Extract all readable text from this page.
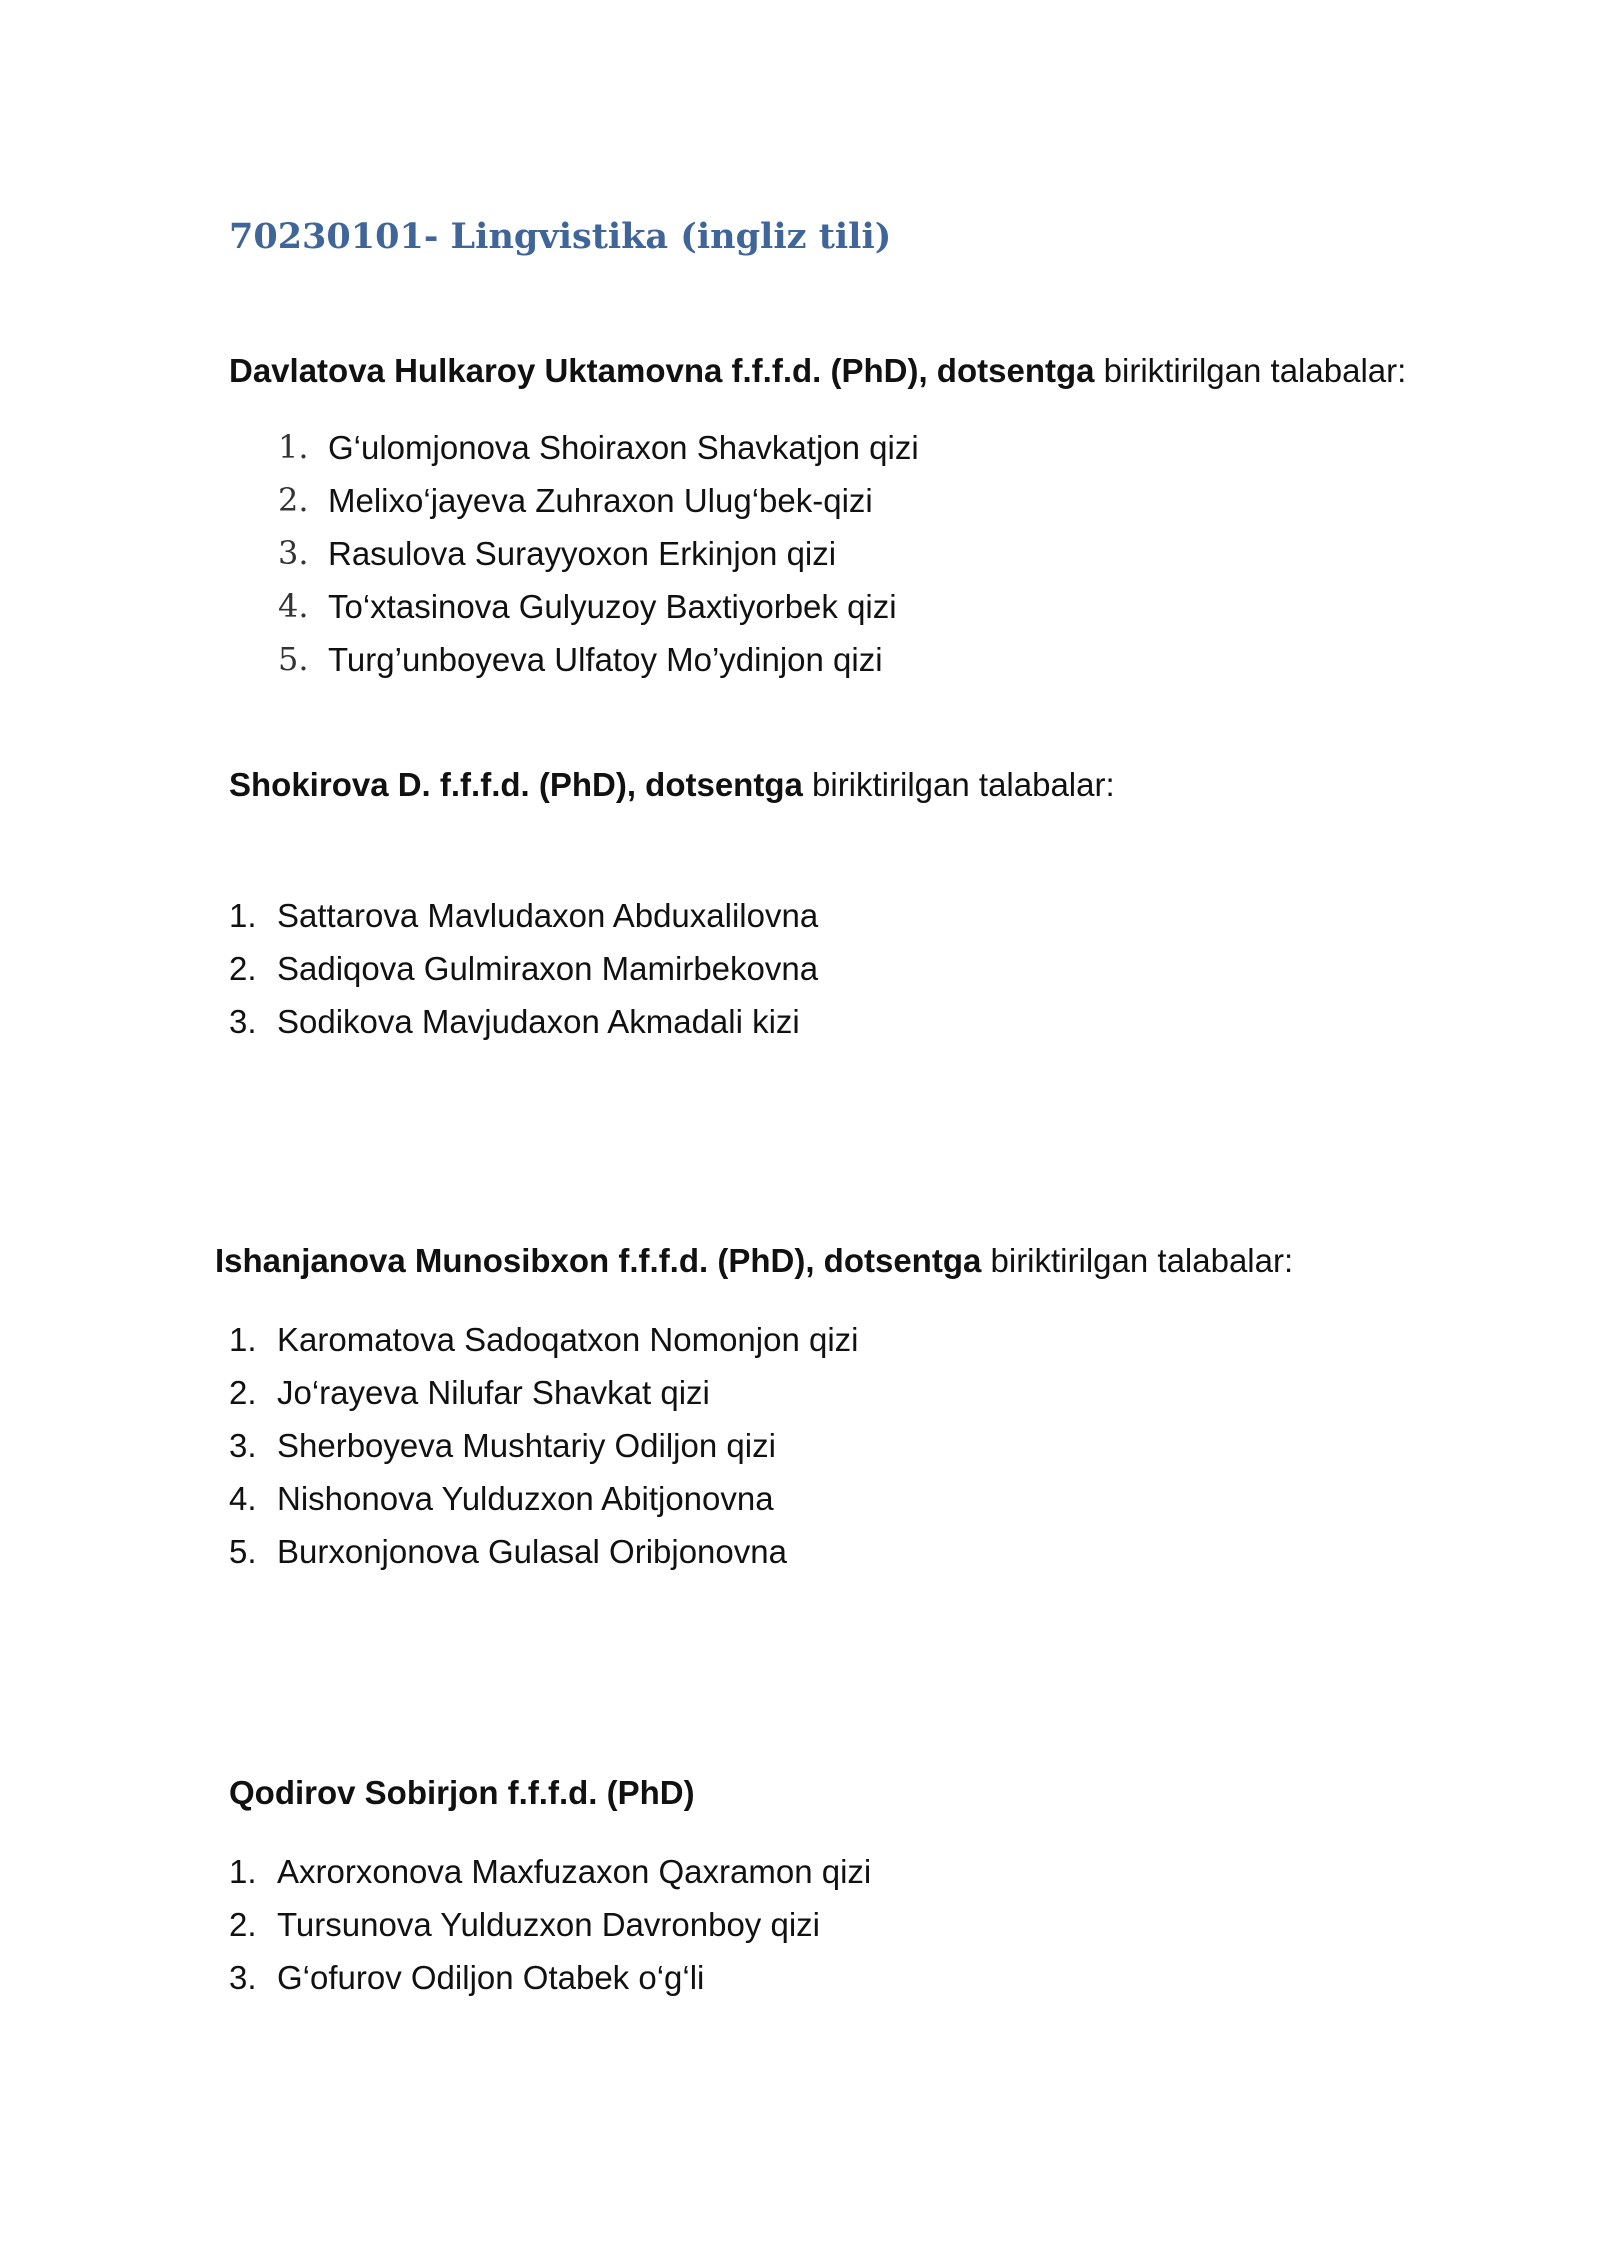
70230101- Lingvistika (ingliz tili)

Davlatova Hulkaroy Uktamovna f.f.f.d. (PhD), dotsentga biriktirilgan talabalar:

1. G‘ulomjonova Shoiraxon Shavkatjon qizi
2. Melixo‘jayeva Zuhraxon Ulug‘bek-qizi
3. Rasulova Surayyoxon Erkinjon qizi
4. To‘xtasinova Gulyuzoy Baxtiyorbek qizi
5. Turg’unboyeva Ulfatoy Mo’ydinjon qizi

Shokirova D. f.f.f.d. (PhD), dotsentga biriktirilgan talabalar:

1. Sattarova Mavludaxon Abduxalilovna
2. Sadiqova Gulmiraxon Mamirbekovna
3. Sodikova Mavjudaxon Akmadali kizi

Ishanjanova Munosibxon f.f.f.d. (PhD), dotsentga biriktirilgan talabalar:

1. Karomatova Sadoqatxon Nomonjon qizi
2. Jo‘rayeva Nilufar Shavkat qizi
3. Sherboyeva Mushtariy Odiljon qizi
4. Nishonova Yulduzxon Abitjonovna
5. Burxonjonova Gulasal Oribjonovna

Qodirov Sobirjon f.f.f.d. (PhD)

1. Axrorxonova Maxfuzaxon Qaxramon qizi
2. Tursunova Yulduzxon Davronboy qizi
3. G‘ofurov Odiljon Otabek o‘g‘li
